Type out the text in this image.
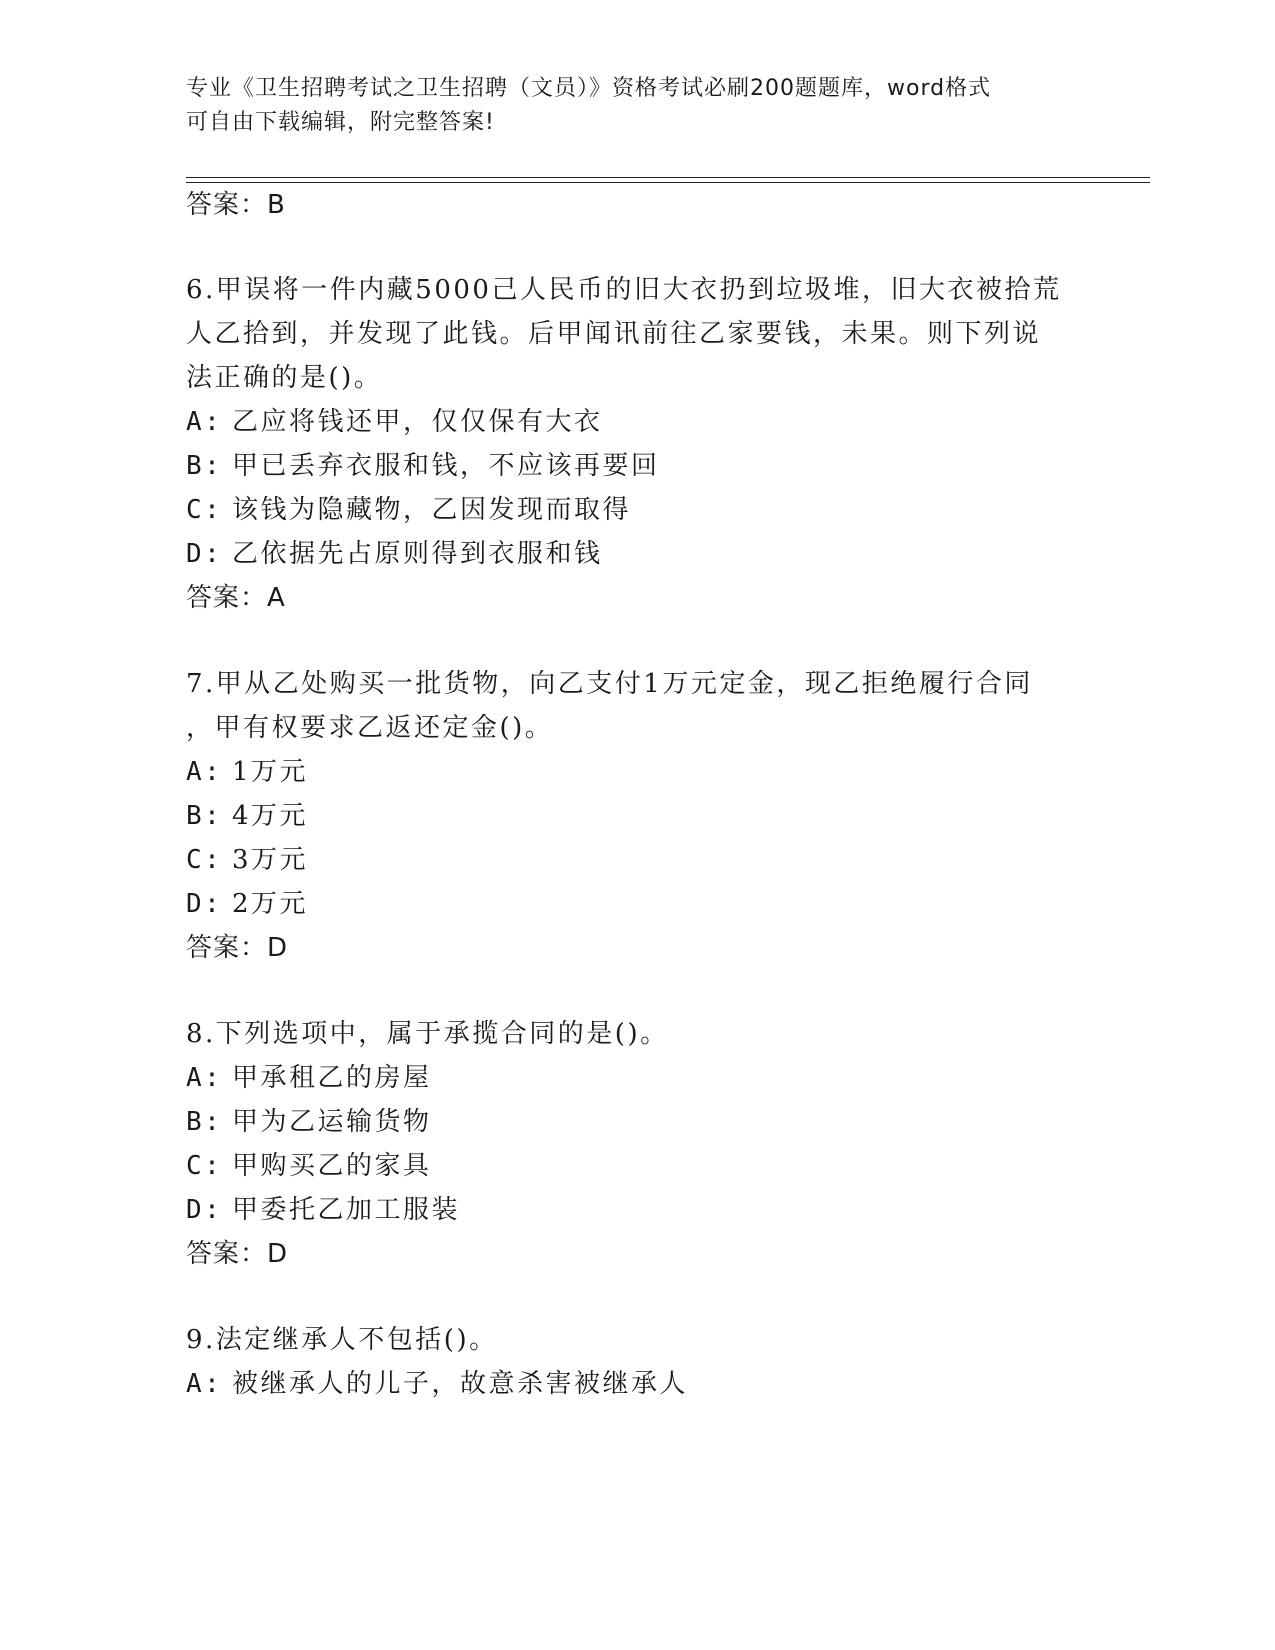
专业《卫生招聘考试之卫生招聘（文员）》资格考试必刷200题题库，word格式
可自由下载编辑，附完整答案!
答案：B
6.甲误将一件内藏5000己人民币的旧大衣扔到垃圾堆，旧大衣被拾荒
人乙拾到，并发现了此钱。后甲闻讯前往乙家要钱，未果。则下列说
法正确的是()。
A: 乙应将钱还甲，仅仅保有大衣
B: 甲已丢弃衣服和钱，不应该再要回
C: 该钱为隐藏物，乙因发现而取得
D: 乙依据先占原则得到衣服和钱
答案：A
7.甲从乙处购买一批货物，向乙支付1万元定金，现乙拒绝履行合同
，甲有权要求乙返还定金()。
A: 1万元
B: 4万元
C: 3万元
D: 2万元
答案：D
8.下列选项中，属于承揽合同的是()。
A: 甲承租乙的房屋
B: 甲为乙运输货物
C: 甲购买乙的家具
D: 甲委托乙加工服装
答案：D
9.法定继承人不包括()。
A: 被继承人的儿子，故意杀害被继承人
